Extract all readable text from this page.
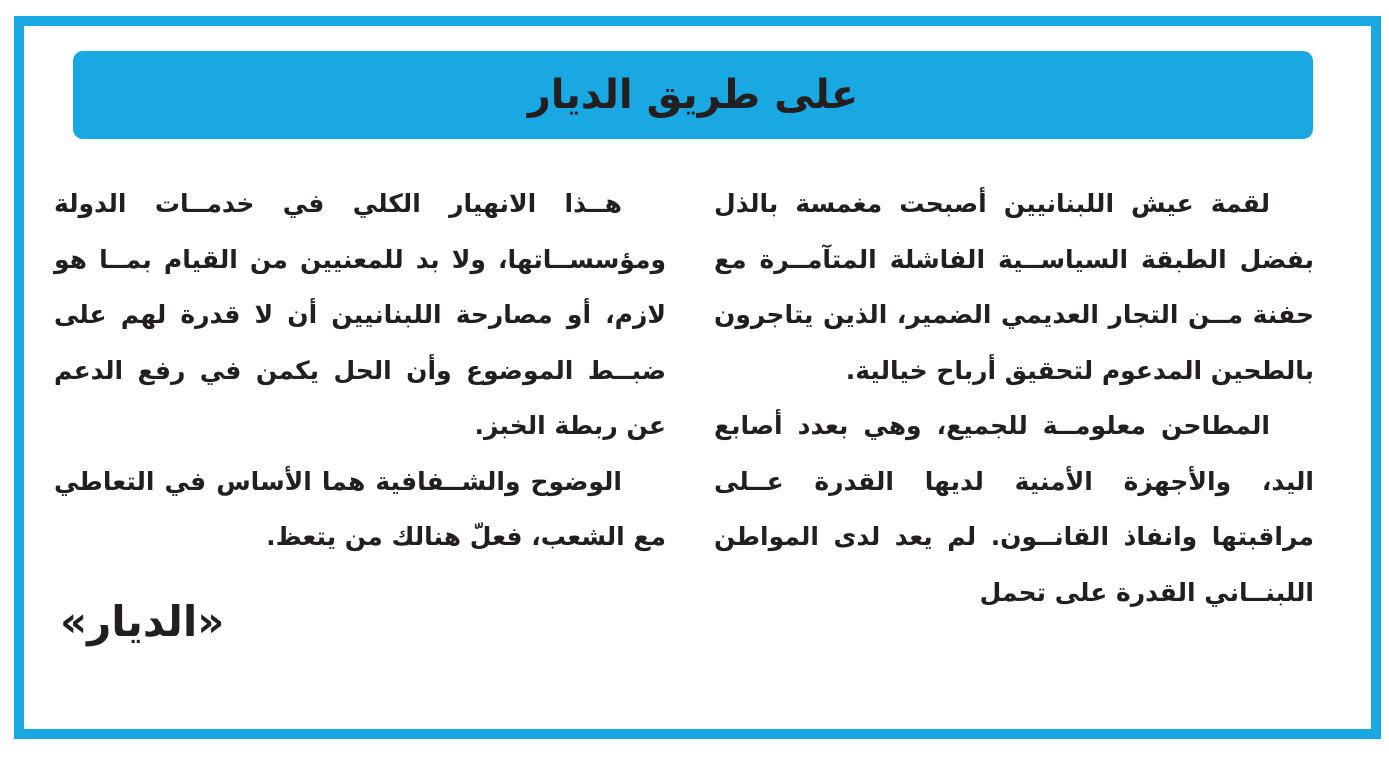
على طريق الديار

لقمة عيش اللبنانيين أصبحت مغمسة بالذل بفضل الطبقة السياســية الفاشلة المتآمــرة مع حفنة مــن التجار العديمي الضمير، الذين يتاجرون بالطحين المدعوم لتحقيق أرباح خيالية.

المطاحن معلومــة للجميع، وهي بعدد أصابع اليد، والأجهزة الأمنية لديها القدرة عــلى مراقبتها وانفاذ القانــون. لم يعد لدى المواطن اللبنــاني القدرة على تحمل

هــذا الانهيار الكلي في خدمــات الدولة ومؤسســاتها، ولا بد للمعنيين من القيام بمــا هو لازم، أو مصارحة اللبنانيين أن لا قدرة لهم على ضبــط الموضوع وأن الحل يكمن في رفع الدعم عن ربطة الخبز.

الوضوح والشــفافية هما الأساس في التعاطي مع الشعب، فعلّ هنالك من يتعظ.

«الديار»
